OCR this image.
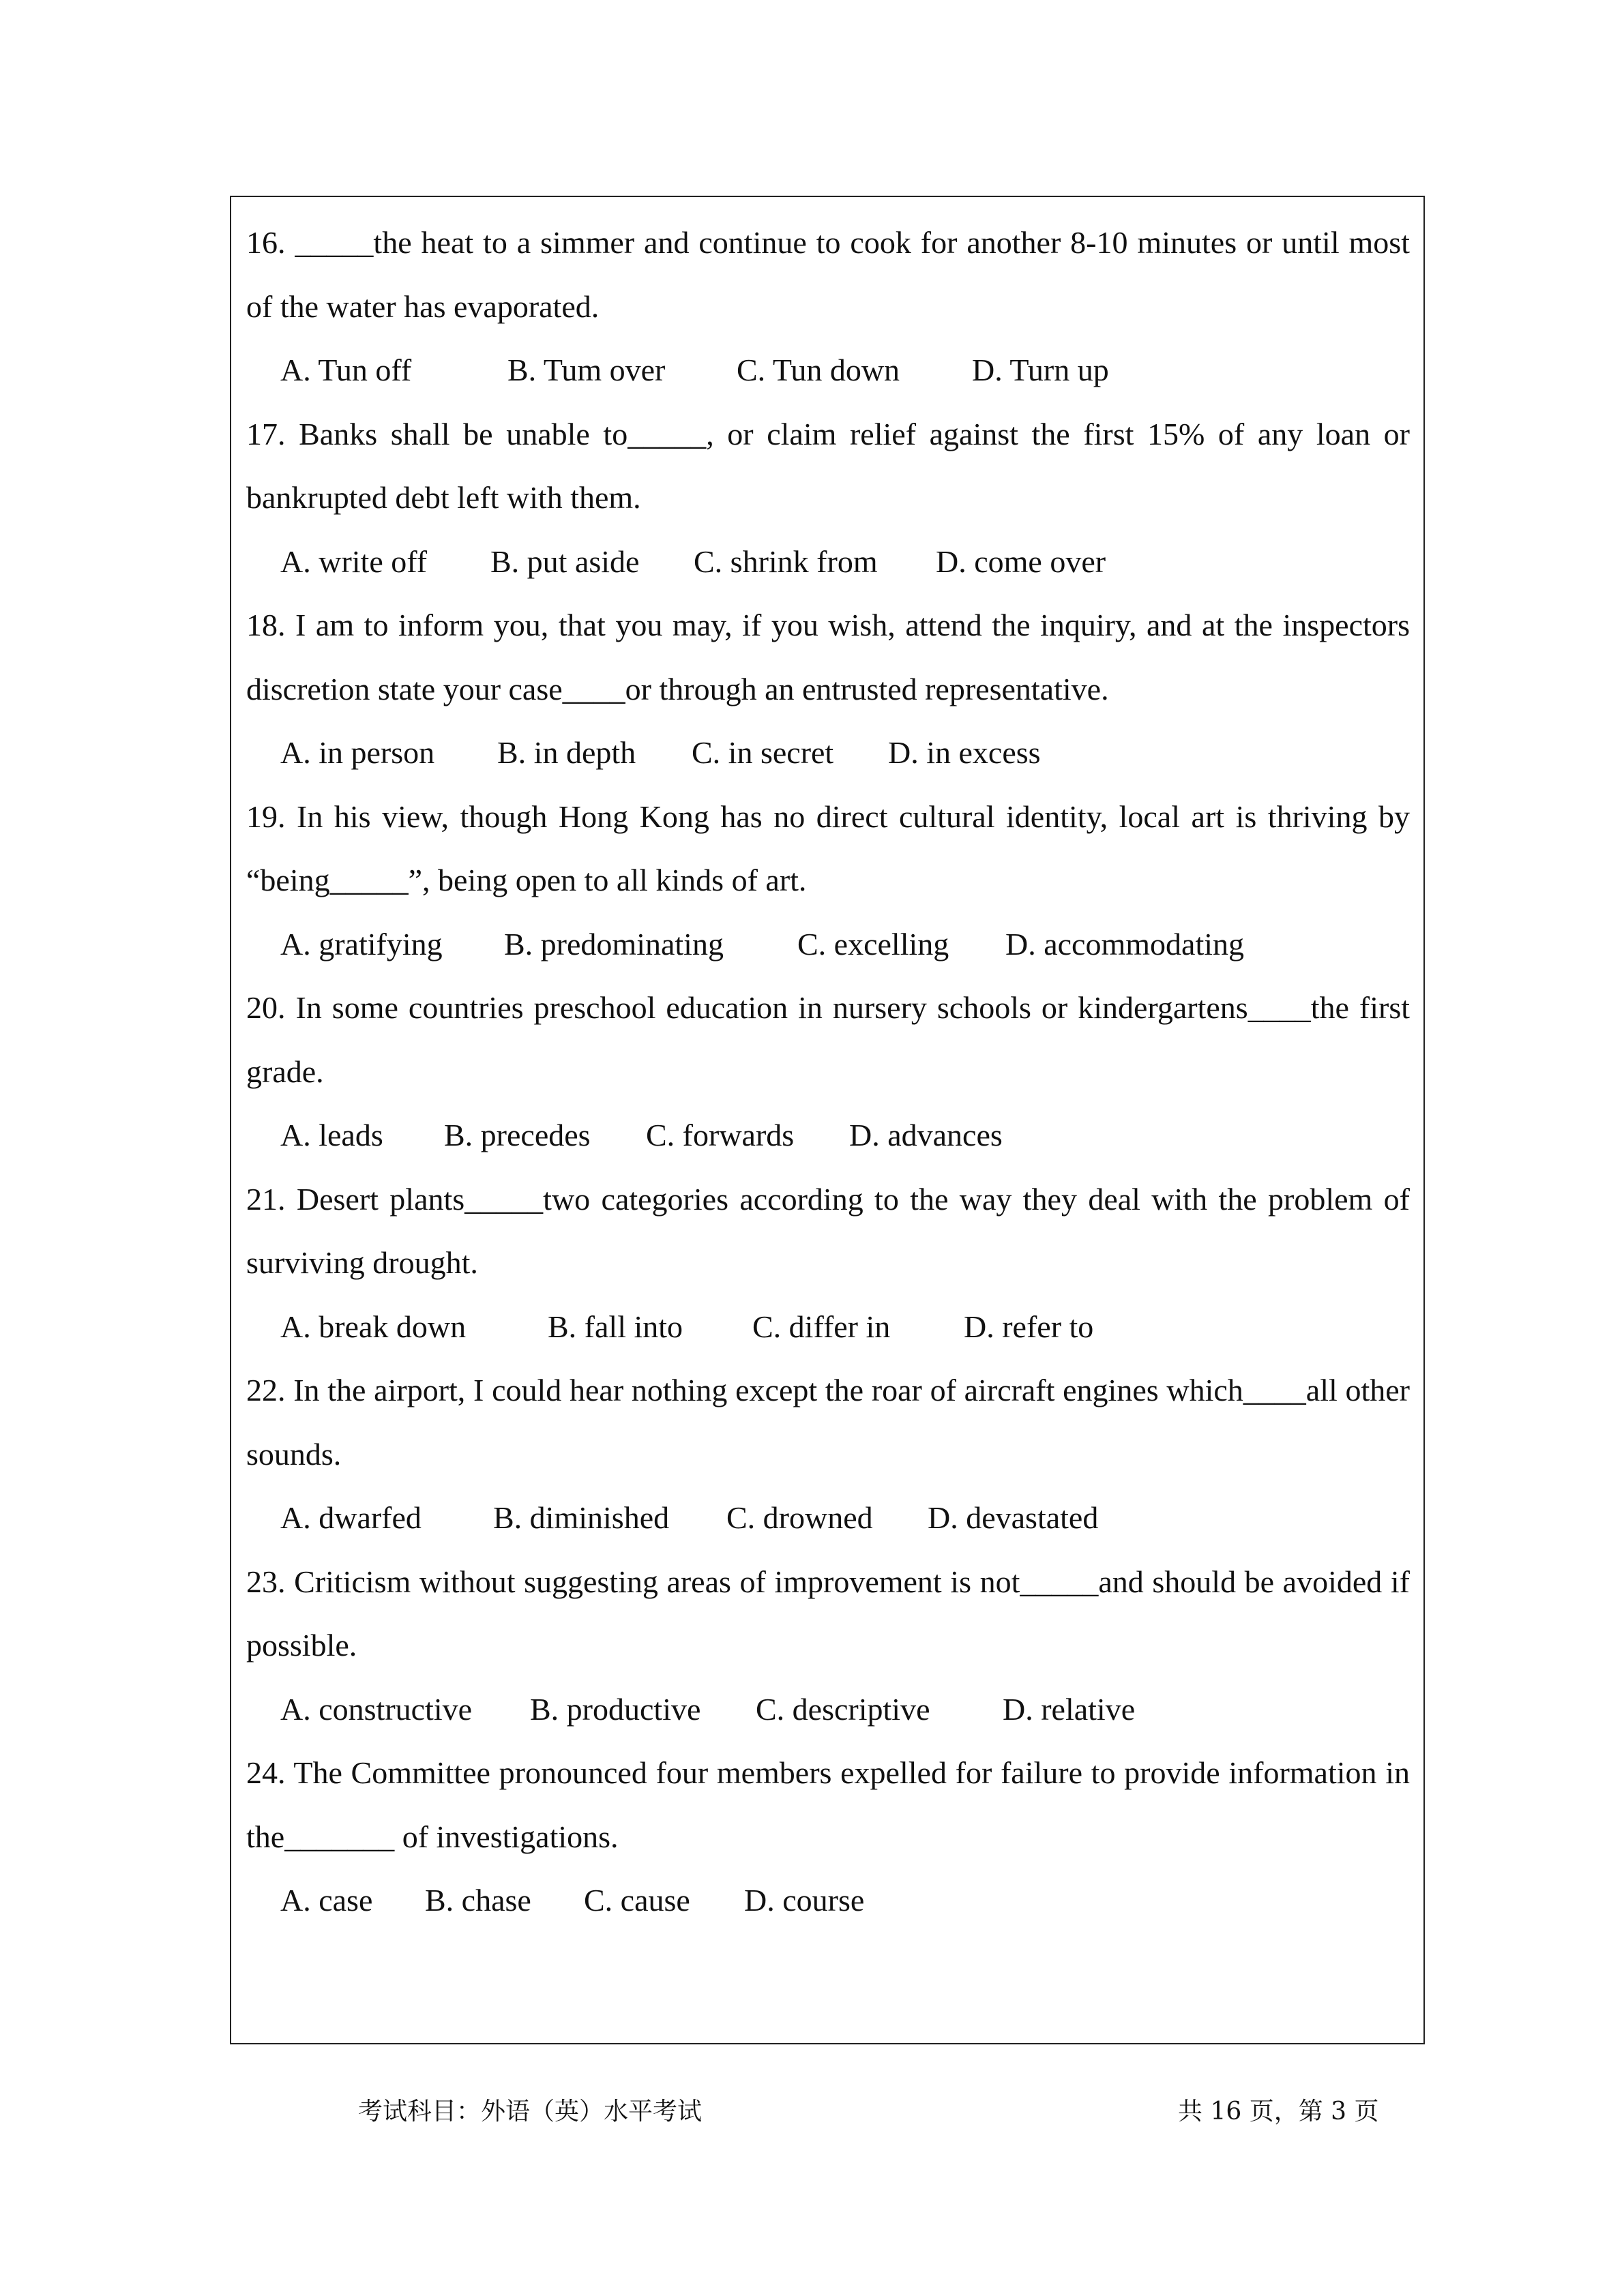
16. _____the heat to a simmer and continue to cook for another 8-10 minutes or until most of the water has evaporated.

A. Tun off	B. Tum over	C. Tun down	D. Turn up

17. Banks shall be unable to_____, or claim relief against the first 15% of any loan or bankrupted debt left with them.

A. write off	B. put aside	C. shrink from	D. come over

18. I am to inform you, that you may, if you wish, attend the inquiry, and at the inspectors discretion state your case____or through an entrusted representative.

A. in person	B. in depth	C. in secret	D. in excess

19. In his view, though Hong Kong has no direct cultural identity, local art is thriving by “being_____”, being open to all kinds of art.

A. gratifying	B. predominating	C. excelling	D. accommodating

20. In some countries preschool education in nursery schools or kindergartens____the first grade.

A. leads	B. precedes	C. forwards	D. advances

21. Desert plants_____two categories according to the way they deal with the problem of surviving drought.

A. break down	B. fall into	C. differ in	D. refer to

22. In the airport, I could hear nothing except the roar of aircraft engines which____all other sounds.

A. dwarfed	B. diminished	C. drowned	D. devastated

23. Criticism without suggesting areas of improvement is not_____and should be avoided if possible.

A. constructive	B. productive	C. descriptive	D. relative

24. The Committee pronounced four members expelled for failure to provide information in the_______ of investigations.

A. case	B. chase	C. cause	D. course
考试科目：外语（英）水平考试	共 16 页，第 3 页
